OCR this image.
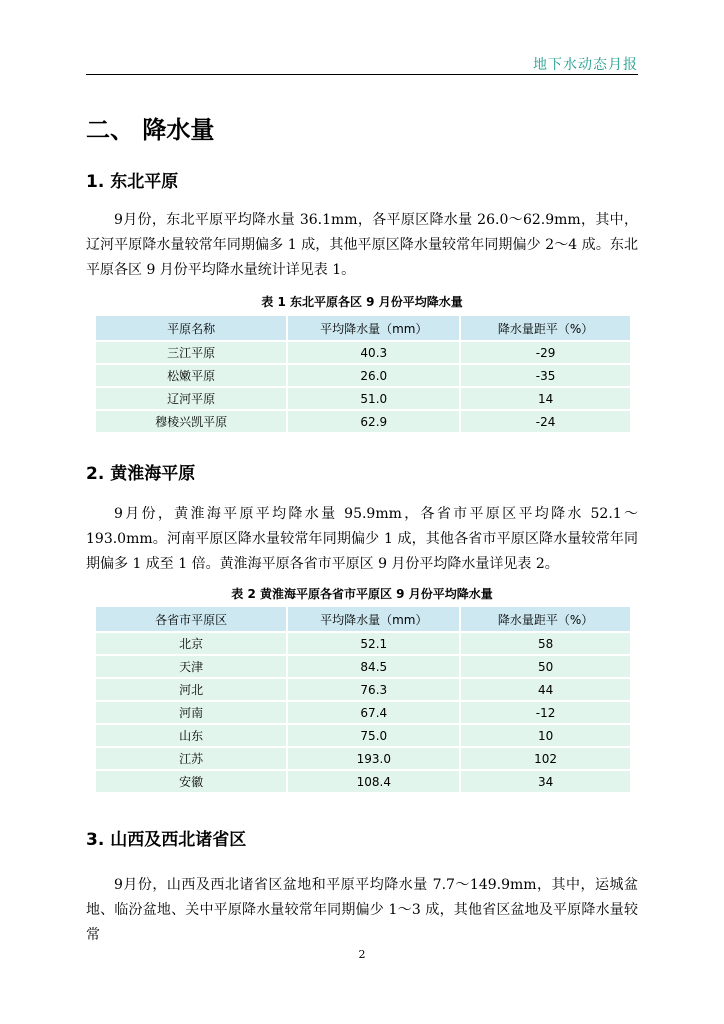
地下水动态月报
二、 降水量
1. 东北平原
9月份，东北平原平均降水量 36.1mm，各平原区降水量 26.0～62.9mm，其中，辽河平原降水量较常年同期偏多 1 成，其他平原区降水量较常年同期偏少 2～4 成。东北平原各区 9 月份平均降水量统计详见表 1。
表 1 东北平原各区 9 月份平均降水量
平原名称	平均降水量（mm）	降水量距平（%）
三江平原	40.3	-29
松嫩平原	26.0	-35
辽河平原	51.0	14
穆棱兴凯平原	62.9	-24
2. 黄淮海平原
9月份，黄淮海平原平均降水量 95.9mm，各省市平原区平均降水 52.1～193.0mm。河南平原区降水量较常年同期偏少 1 成，其他各省市平原区降水量较常年同期偏多 1 成至 1 倍。黄淮海平原各省市平原区 9 月份平均降水量详见表 2。
表 2 黄淮海平原各省市平原区 9 月份平均降水量
各省市平原区	平均降水量（mm）	降水量距平（%）
北京	52.1	58
天津	84.5	50
河北	76.3	44
河南	67.4	-12
山东	75.0	10
江苏	193.0	102
安徽	108.4	34
3. 山西及西北诸省区
9月份，山西及西北诸省区盆地和平原平均降水量 7.7～149.9mm，其中，运城盆地、临汾盆地、关中平原降水量较常年同期偏少 1～3 成，其他省区盆地及平原降水量较常
2
